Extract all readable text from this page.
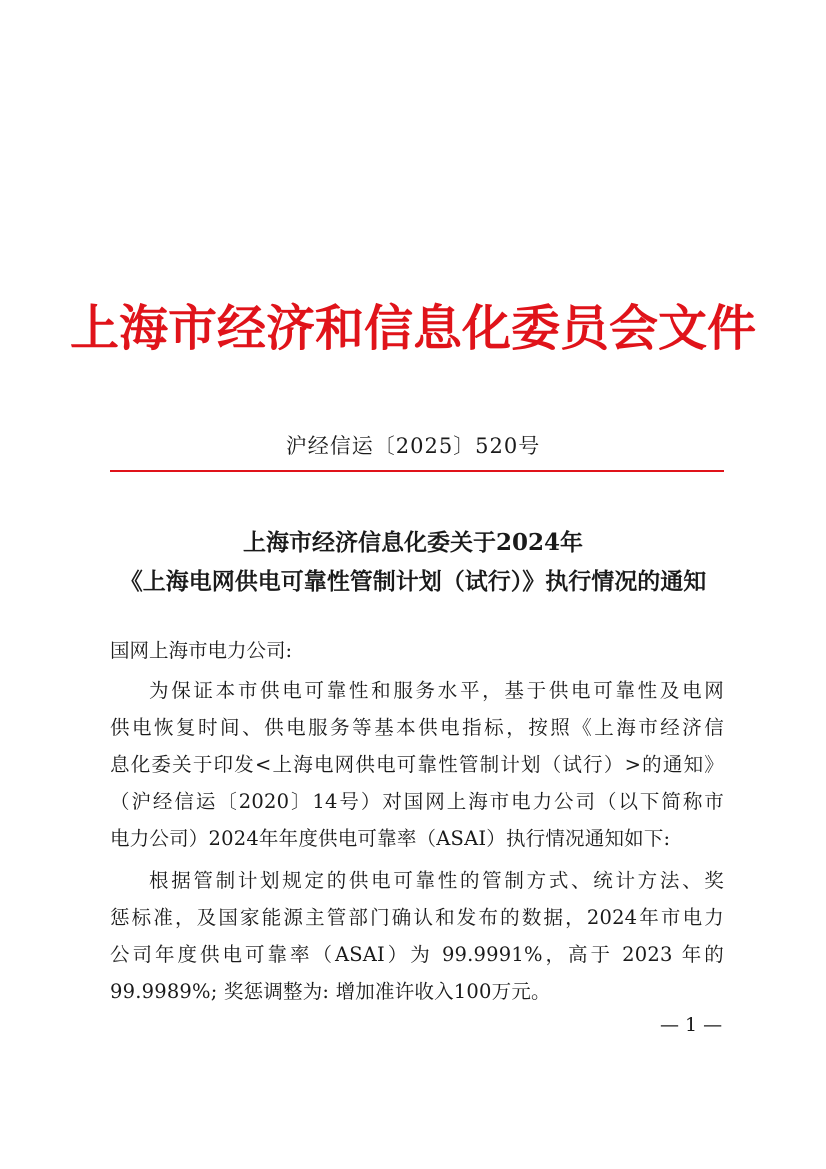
上海市经济和信息化委员会文件
沪经信运〔2025〕520号
上海市经济信息化委关于2024年
《上海电网供电可靠性管制计划（试行）》执行情况的通知
国网上海市电力公司:
为保证本市供电可靠性和服务水平，基于供电可靠性及电网
供电恢复时间、供电服务等基本供电指标，按照《上海市经济信
息化委关于印发<上海电网供电可靠性管制计划（试行）>的通知》
（沪经信运〔2020〕14号）对国网上海市电力公司（以下简称市
电力公司）2024年年度供电可靠率（ASAI）执行情况通知如下:
根据管制计划规定的供电可靠性的管制方式、统计方法、奖
惩标准，及国家能源主管部门确认和发布的数据，2024年市电力
公司年度供电可靠率（ASAI）为 99.9991%，高于 2023 年的
99.9989%; 奖惩调整为: 增加准许收入100万元。
— 1 —
